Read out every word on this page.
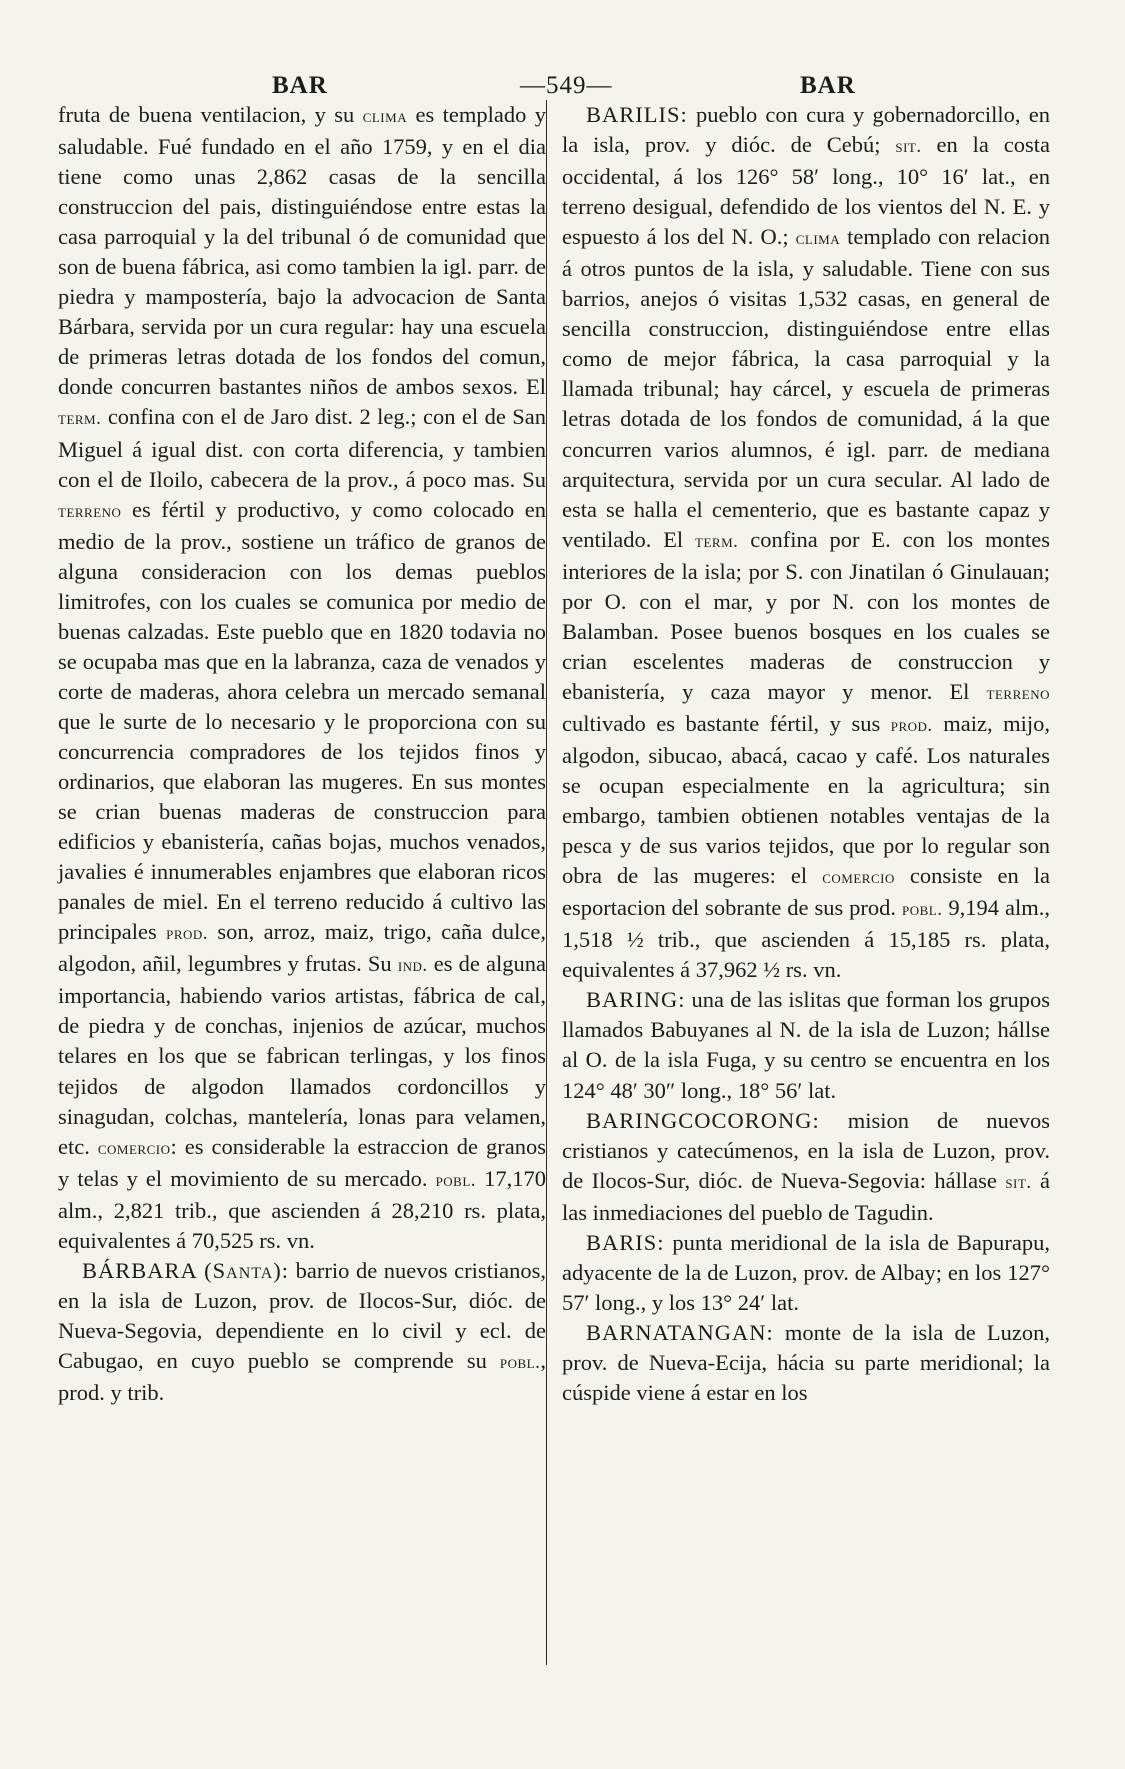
BAR	—549—	BAR

fruta de buena ventilacion, y su clima es templado y saludable. Fué fundado en el año 1759, y en el dia tiene como unas 2,862 casas de la sencilla construccion del pais, distinguiéndose entre estas la casa parroquial y la del tribunal ó de comunidad que son de buena fábrica, asi como tambien la igl. parr. de piedra y mampostería, bajo la advocacion de Santa Bárbara, servida por un cura regular: hay una escuela de primeras letras dotada de los fondos del comun, donde concurren bastantes niños de ambos sexos. El term. confina con el de Jaro dist. 2 leg.; con el de San Miguel á igual dist. con corta diferencia, y tambien con el de Iloilo, cabecera de la prov., á poco mas. Su terreno es fértil y productivo, y como colocado en medio de la prov., sostiene un tráfico de granos de alguna consideracion con los demas pueblos limitrofes, con los cuales se comunica por medio de buenas calzadas. Este pueblo que en 1820 todavia no se ocupaba mas que en la labranza, caza de venados y corte de maderas, ahora celebra un mercado semanal que le surte de lo necesario y le proporciona con su concurrencia compradores de los tejidos finos y ordinarios, que elaboran las mugeres. En sus montes se crian buenas maderas de construccion para edificios y ebanistería, cañas bojas, muchos venados, javalies é innumerables enjambres que elaboran ricos panales de miel. En el terreno reducido á cultivo las principales prod. son, arroz, maiz, trigo, caña dulce, algodon, añil, legumbres y frutas. Su ind. es de alguna importancia, habiendo varios artistas, fábrica de cal, de piedra y de conchas, injenios de azúcar, muchos telares en los que se fabrican terlingas, y los finos tejidos de algodon llamados cordoncillos y sinagudan, colchas, mantelería, lonas para velamen, etc. comercio: es considerable la estraccion de granos y telas y el movimiento de su mercado. pobl. 17,170 alm., 2,821 trib., que ascienden á 28,210 rs. plata, equivalentes á 70,525 rs. vn.

BÁRBARA (Santa): barrio de nuevos cristianos, en la isla de Luzon, prov. de Ilocos-Sur, dióc. de Nueva-Segovia, dependiente en lo civil y ecl. de Cabugao, en cuyo pueblo se comprende su pobl., prod. y trib.

BARILIS: pueblo con cura y gobernadorcillo, en la isla, prov. y dióc. de Cebú; sit. en la costa occidental, á los 126° 58′ long., 10° 16′ lat., en terreno desigual, defendido de los vientos del N. E. y espuesto á los del N. O.; clima templado con relacion á otros puntos de la isla, y saludable. Tiene con sus barrios, anejos ó visitas 1,532 casas, en general de sencilla construccion, distinguiéndose entre ellas como de mejor fábrica, la casa parroquial y la llamada tribunal; hay cárcel, y escuela de primeras letras dotada de los fondos de comunidad, á la que concurren varios alumnos, é igl. parr. de mediana arquitectura, servida por un cura secular. Al lado de esta se halla el cementerio, que es bastante capaz y ventilado. El term. confina por E. con los montes interiores de la isla; por S. con Jinatilan ó Ginulauan; por O. con el mar, y por N. con los montes de Balamban. Posee buenos bosques en los cuales se crian escelentes maderas de construccion y ebanistería, y caza mayor y menor. El terreno cultivado es bastante fértil, y sus prod. maiz, mijo, algodon, sibucao, abacá, cacao y café. Los naturales se ocupan especialmente en la agricultura; sin embargo, tambien obtienen notables ventajas de la pesca y de sus varios tejidos, que por lo regular son obra de las mugeres: el comercio consiste en la esportacion del sobrante de sus prod. pobl. 9,194 alm., 1,518 ½ trib., que ascienden á 15,185 rs. plata, equivalentes á 37,962 ½ rs. vn.

BARING: una de las islitas que forman los grupos llamados Babuyanes al N. de la isla de Luzon; hállse al O. de la isla Fuga, y su centro se encuentra en los 124° 48′ 30″ long., 18° 56′ lat.

BARINGCOCORONG: mision de nuevos cristianos y catecúmenos, en la isla de Luzon, prov. de Ilocos-Sur, dióc. de Nueva-Segovia: hállase sit. á las inmediaciones del pueblo de Tagudin.

BARIS: punta meridional de la isla de Bapurapu, adyacente de la de Luzon, prov. de Albay; en los 127° 57′ long., y los 13° 24′ lat.

BARNATANGAN: monte de la isla de Luzon, prov. de Nueva-Ecija, hácia su parte meridional; la cúspide viene á estar en los
